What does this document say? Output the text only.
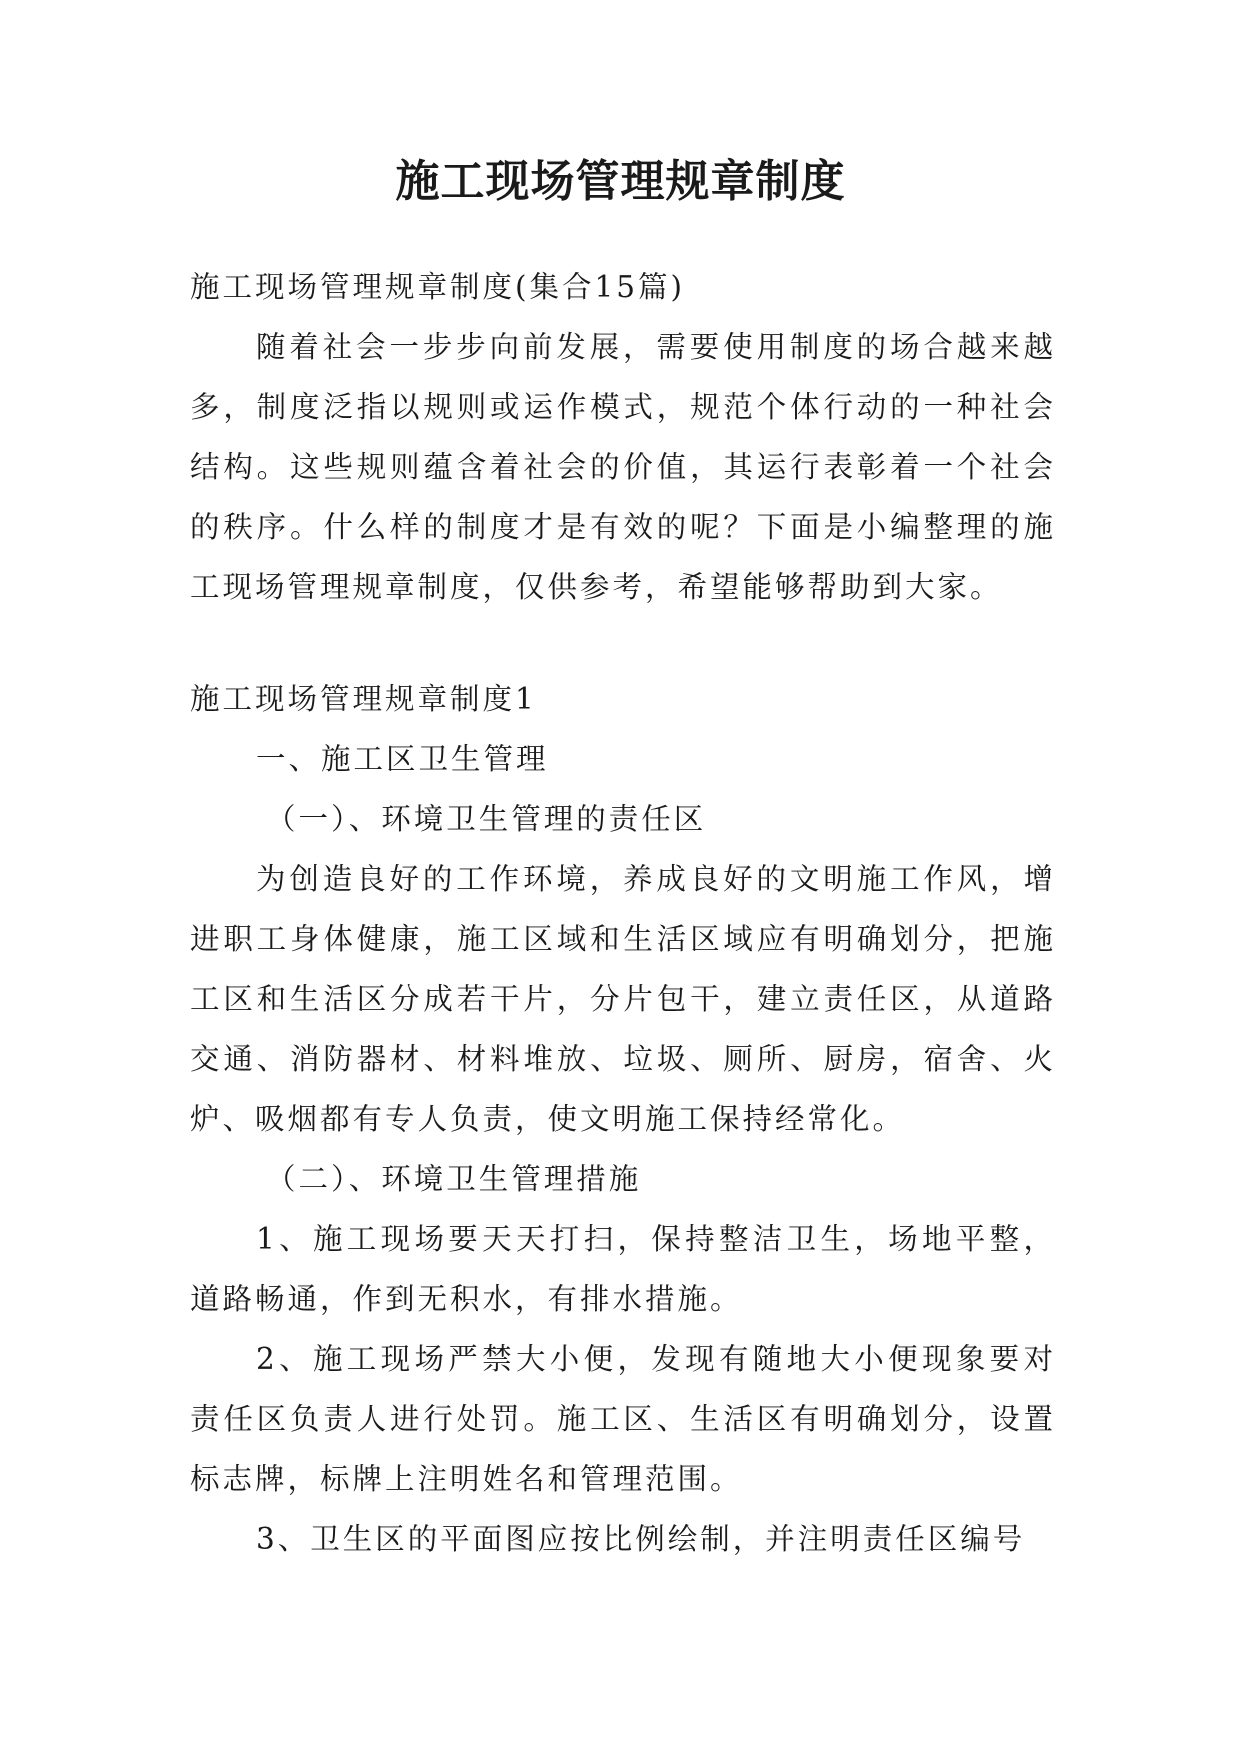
施工现场管理规章制度

施工现场管理规章制度(集合15篇)

随着社会一步步向前发展，需要使用制度的场合越来越多，制度泛指以规则或运作模式，规范个体行动的一种社会结构。这些规则蕴含着社会的价值，其运行表彰着一个社会的秩序。什么样的制度才是有效的呢？下面是小编整理的施工现场管理规章制度，仅供参考，希望能够帮助到大家。

施工现场管理规章制度1

一、施工区卫生管理

（一）、环境卫生管理的责任区

为创造良好的工作环境，养成良好的文明施工作风，增进职工身体健康，施工区域和生活区域应有明确划分，把施工区和生活区分成若干片，分片包干，建立责任区，从道路交通、消防器材、材料堆放、垃圾、厕所、厨房，宿舍、火炉、吸烟都有专人负责，使文明施工保持经常化。

（二）、环境卫生管理措施

1、施工现场要天天打扫，保持整洁卫生，场地平整，道路畅通，作到无积水，有排水措施。

2、施工现场严禁大小便，发现有随地大小便现象要对责任区负责人进行处罚。施工区、生活区有明确划分，设置标志牌，标牌上注明姓名和管理范围。

3、卫生区的平面图应按比例绘制，并注明责任区编号
